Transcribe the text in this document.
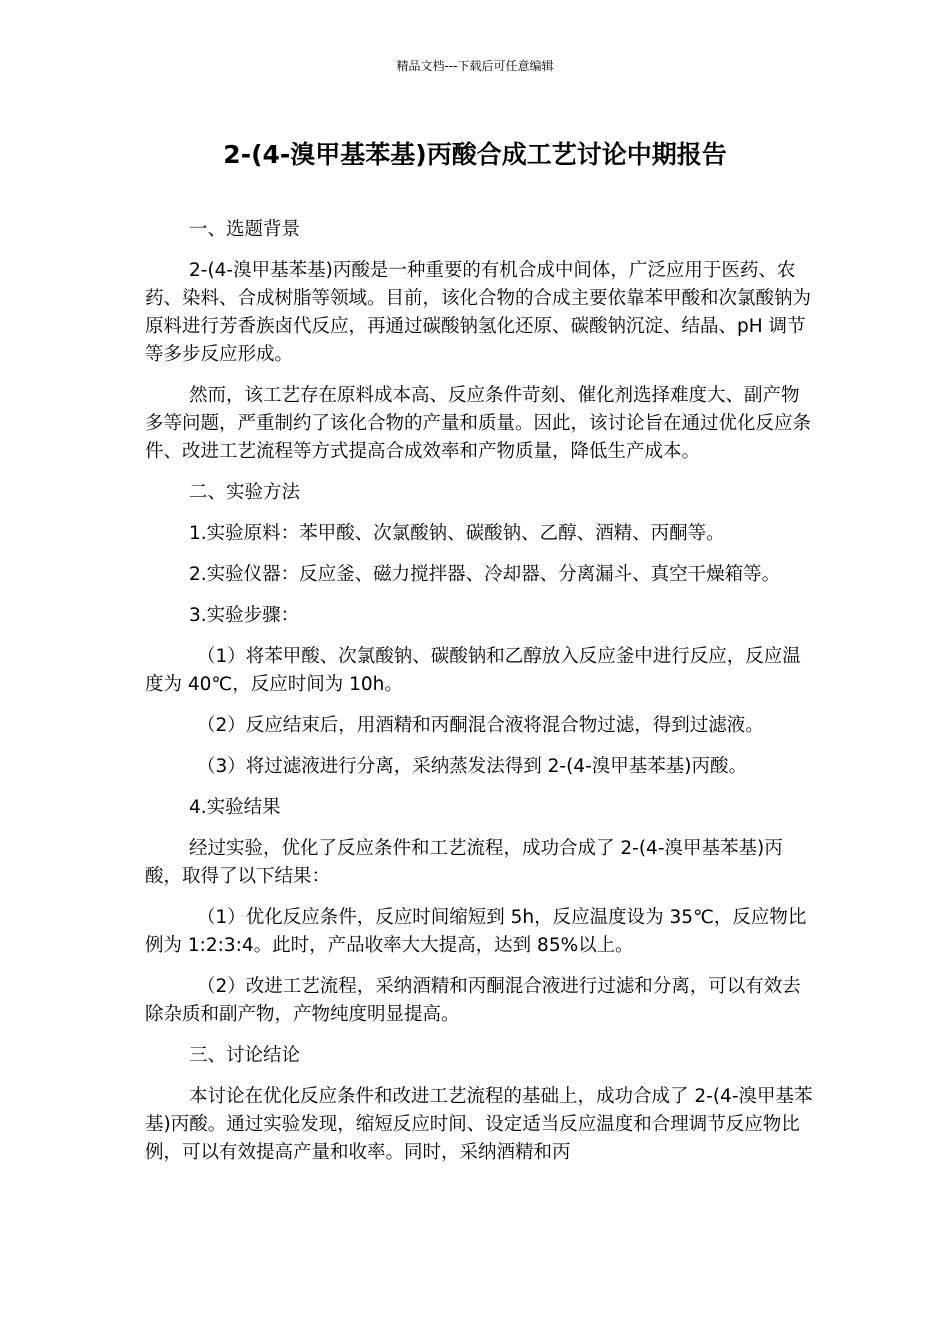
精品文档---下载后可任意编辑
2-(4-溴甲基苯基)丙酸合成工艺讨论中期报告

一、选题背景

2-(4-溴甲基苯基)丙酸是一种重要的有机合成中间体，广泛应用于医药、农药、染料、合成树脂等领域。目前，该化合物的合成主要依靠苯甲酸和次氯酸钠为原料进行芳香族卤代反应，再通过碳酸钠氢化还原、碳酸钠沉淀、结晶、pH 调节等多步反应形成。

然而，该工艺存在原料成本高、反应条件苛刻、催化剂选择难度大、副产物多等问题，严重制约了该化合物的产量和质量。因此，该讨论旨在通过优化反应条件、改进工艺流程等方式提高合成效率和产物质量，降低生产成本。

二、实验方法

1.实验原料：苯甲酸、次氯酸钠、碳酸钠、乙醇、酒精、丙酮等。

2.实验仪器：反应釜、磁力搅拌器、冷却器、分离漏斗、真空干燥箱等。

3.实验步骤：

（1）将苯甲酸、次氯酸钠、碳酸钠和乙醇放入反应釜中进行反应，反应温度为 40℃，反应时间为 10h。

（2）反应结束后，用酒精和丙酮混合液将混合物过滤，得到过滤液。

（3）将过滤液进行分离，采纳蒸发法得到 2-(4-溴甲基苯基)丙酸。

4.实验结果

经过实验，优化了反应条件和工艺流程，成功合成了 2-(4-溴甲基苯基)丙酸，取得了以下结果：

（1）优化反应条件，反应时间缩短到 5h，反应温度设为 35℃，反应物比例为 1:2:3:4。此时，产品收率大大提高，达到 85%以上。

（2）改进工艺流程，采纳酒精和丙酮混合液进行过滤和分离，可以有效去除杂质和副产物，产物纯度明显提高。

三、讨论结论

本讨论在优化反应条件和改进工艺流程的基础上，成功合成了 2-(4-溴甲基苯基)丙酸。通过实验发现，缩短反应时间、设定适当反应温度和合理调节反应物比例，可以有效提高产量和收率。同时，采纳酒精和丙
